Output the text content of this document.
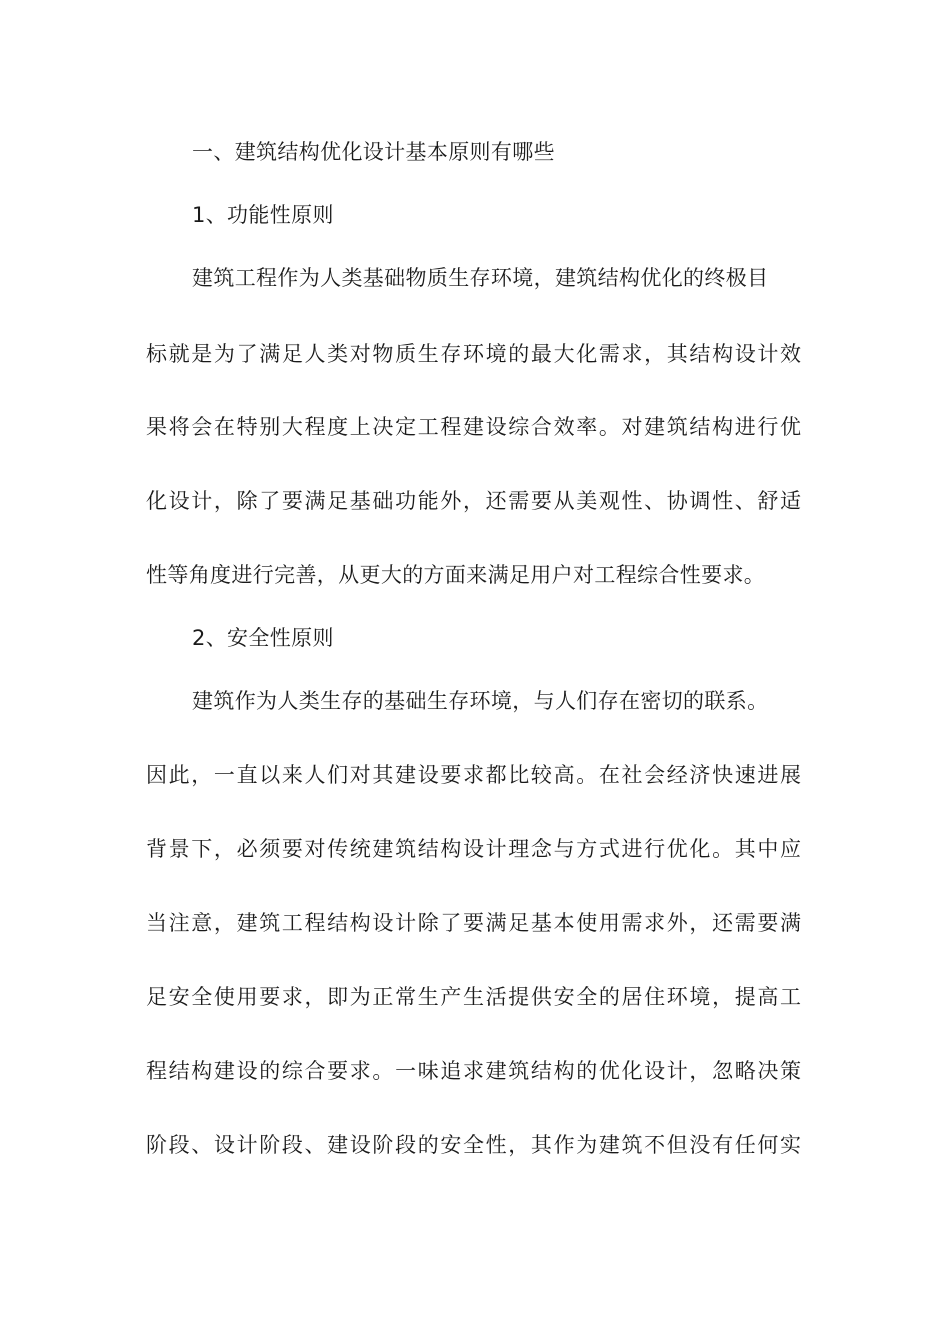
一、建筑结构优化设计基本原则有哪些
1、功能性原则
建筑工程作为人类基础物质生存环境，建筑结构优化的终极目
标就是为了满足人类对物质生存环境的最大化需求，其结构设计效
果将会在特别大程度上决定工程建设综合效率。对建筑结构进行优
化设计，除了要满足基础功能外，还需要从美观性、协调性、舒适
性等角度进行完善，从更大的方面来满足用户对工程综合性要求。
2、安全性原则
建筑作为人类生存的基础生存环境，与人们存在密切的联系。
因此，一直以来人们对其建设要求都比较高。在社会经济快速进展
背景下，必须要对传统建筑结构设计理念与方式进行优化。其中应
当注意，建筑工程结构设计除了要满足基本使用需求外，还需要满
足安全使用要求，即为正常生产生活提供安全的居住环境，提高工
程结构建设的综合要求。一味追求建筑结构的优化设计，忽略决策
阶段、设计阶段、建设阶段的安全性，其作为建筑不但没有任何实
